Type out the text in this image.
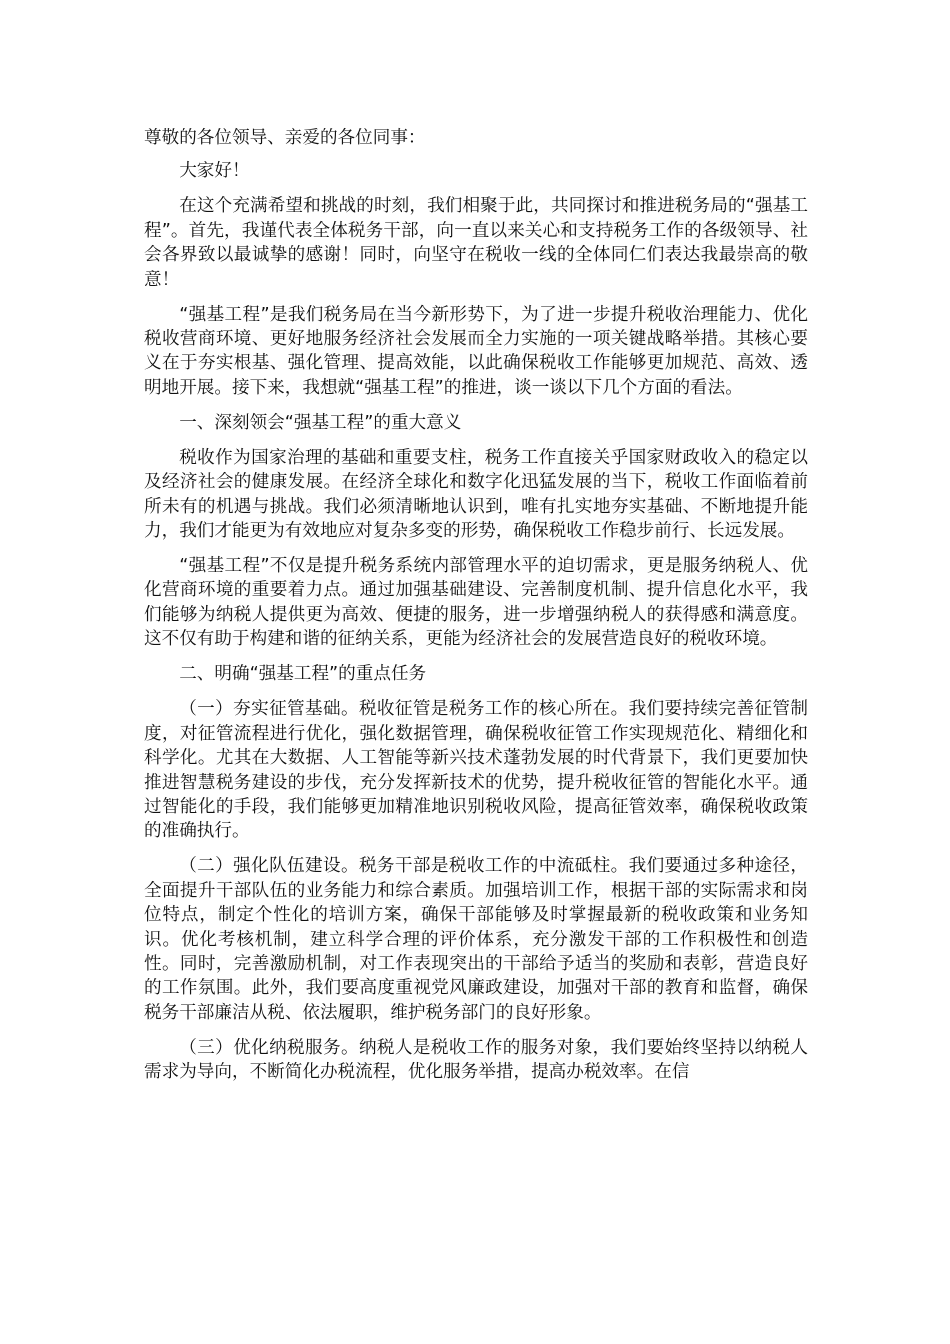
尊敬的各位领导、亲爱的各位同事：

大家好！

在这个充满希望和挑战的时刻，我们相聚于此，共同探讨和推进税务局的“强基工程”。首先，我谨代表全体税务干部，向一直以来关心和支持税务工作的各级领导、社会各界致以最诚挚的感谢！同时，向坚守在税收一线的全体同仁们表达我最崇高的敬意！

“强基工程”是我们税务局在当今新形势下，为了进一步提升税收治理能力、优化税收营商环境、更好地服务经济社会发展而全力实施的一项关键战略举措。其核心要义在于夯实根基、强化管理、提高效能，以此确保税收工作能够更加规范、高效、透明地开展。接下来，我想就“强基工程”的推进，谈一谈以下几个方面的看法。

一、深刻领会“强基工程”的重大意义

税收作为国家治理的基础和重要支柱，税务工作直接关乎国家财政收入的稳定以及经济社会的健康发展。在经济全球化和数字化迅猛发展的当下，税收工作面临着前所未有的机遇与挑战。我们必须清晰地认识到，唯有扎实地夯实基础、不断地提升能力，我们才能更为有效地应对复杂多变的形势，确保税收工作稳步前行、长远发展。

“强基工程”不仅是提升税务系统内部管理水平的迫切需求，更是服务纳税人、优化营商环境的重要着力点。通过加强基础建设、完善制度机制、提升信息化水平，我们能够为纳税人提供更为高效、便捷的服务，进一步增强纳税人的获得感和满意度。这不仅有助于构建和谐的征纳关系，更能为经济社会的发展营造良好的税收环境。

二、明确“强基工程”的重点任务

（一）夯实征管基础。税收征管是税务工作的核心所在。我们要持续完善征管制度，对征管流程进行优化，强化数据管理，确保税收征管工作实现规范化、精细化和科学化。尤其在大数据、人工智能等新兴技术蓬勃发展的时代背景下，我们更要加快推进智慧税务建设的步伐，充分发挥新技术的优势，提升税收征管的智能化水平。通过智能化的手段，我们能够更加精准地识别税收风险，提高征管效率，确保税收政策的准确执行。

（二）强化队伍建设。税务干部是税收工作的中流砥柱。我们要通过多种途径，全面提升干部队伍的业务能力和综合素质。加强培训工作，根据干部的实际需求和岗位特点，制定个性化的培训方案，确保干部能够及时掌握最新的税收政策和业务知识。优化考核机制，建立科学合理的评价体系，充分激发干部的工作积极性和创造性。同时，完善激励机制，对工作表现突出的干部给予适当的奖励和表彰，营造良好的工作氛围。此外，我们要高度重视党风廉政建设，加强对干部的教育和监督，确保税务干部廉洁从税、依法履职，维护税务部门的良好形象。

（三）优化纳税服务。纳税人是税收工作的服务对象，我们要始终坚持以纳税人需求为导向，不断简化办税流程，优化服务举措，提高办税效率。在信
